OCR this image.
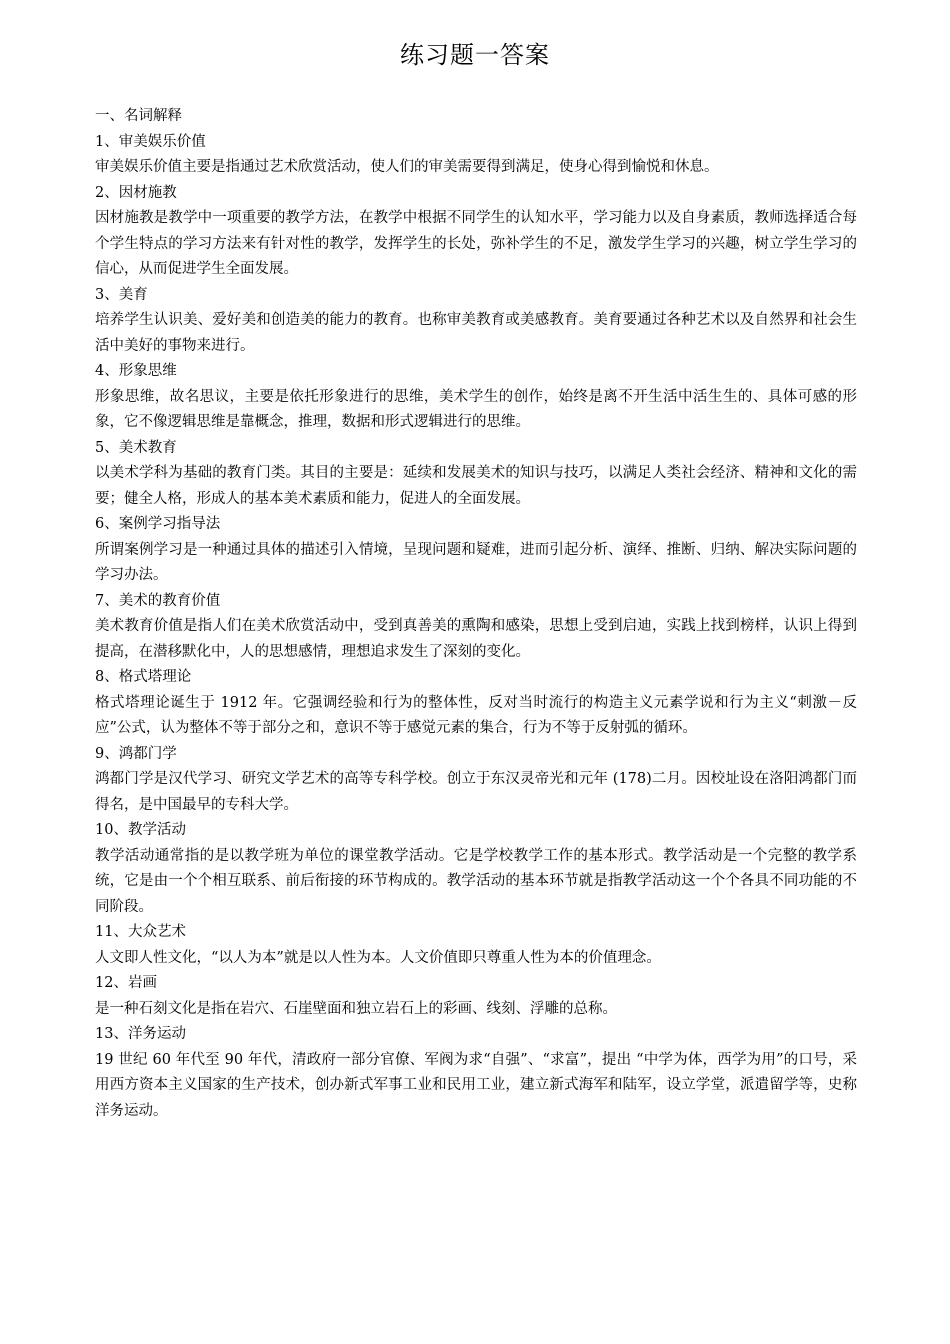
练习题一答案

一、名词解释

1、审美娱乐价值

审美娱乐价值主要是指通过艺术欣赏活动，使人们的审美需要得到满足，使身心得到愉悦和休息。

2、因材施教

因材施教是教学中一项重要的教学方法，在教学中根据不同学生的认知水平，学习能力以及自身素质，教师选择适合每个学生特点的学习方法来有针对性的教学，发挥学生的长处，弥补学生的不足，激发学生学习的兴趣，树立学生学习的信心，从而促进学生全面发展。

3、美育

培养学生认识美、爱好美和创造美的能力的教育。也称审美教育或美感教育。美育要通过各种艺术以及自然界和社会生活中美好的事物来进行。

4、形象思维

形象思维，故名思议，主要是依托形象进行的思维，美术学生的创作，始终是离不开生活中活生生的、具体可感的形象，它不像逻辑思维是靠概念，推理，数据和形式逻辑进行的思维。

5、美术教育

以美术学科为基础的教育门类。其目的主要是：延续和发展美术的知识与技巧，以满足人类社会经济、精神和文化的需要；健全人格，形成人的基本美术素质和能力，促进人的全面发展。

6、案例学习指导法

所谓案例学习是一种通过具体的描述引入情境，呈现问题和疑难，进而引起分析、演绎、推断、归纳、解决实际问题的学习办法。

7、美术的教育价值

美术教育价值是指人们在美术欣赏活动中，受到真善美的熏陶和感染，思想上受到启迪，实践上找到榜样，认识上得到提高，在潜移默化中，人的思想感情，理想追求发生了深刻的变化。

8、格式塔理论

格式塔理论诞生于 1912 年。它强调经验和行为的整体性，反对当时流行的构造主义元素学说和行为主义“刺激－反应”公式，认为整体不等于部分之和，意识不等于感觉元素的集合，行为不等于反射弧的循环。

9、鸿都门学

鸿都门学是汉代学习、研究文学艺术的高等专科学校。创立于东汉灵帝光和元年 (178)二月。因校址设在洛阳鸿都门而得名，是中国最早的专科大学。

10、教学活动

教学活动通常指的是以教学班为单位的课堂教学活动。它是学校教学工作的基本形式。教学活动是一个完整的教学系统，它是由一个个相互联系、前后衔接的环节构成的。教学活动的基本环节就是指教学活动这一个个各具不同功能的不同阶段。

11、大众艺术

人文即人性文化，“以人为本”就是以人性为本。人文价值即只尊重人性为本的价值理念。

12、岩画

是一种石刻文化是指在岩穴、石崖壁面和独立岩石上的彩画、线刻、浮雕的总称。

13、洋务运动

19 世纪 60 年代至 90 年代，清政府一部分官僚、军阀为求“自强”、“求富”，提出 “中学为体，西学为用”的口号，采用西方资本主义国家的生产技术，创办新式军事工业和民用工业，建立新式海军和陆军，设立学堂，派遣留学等，史称洋务运动。
